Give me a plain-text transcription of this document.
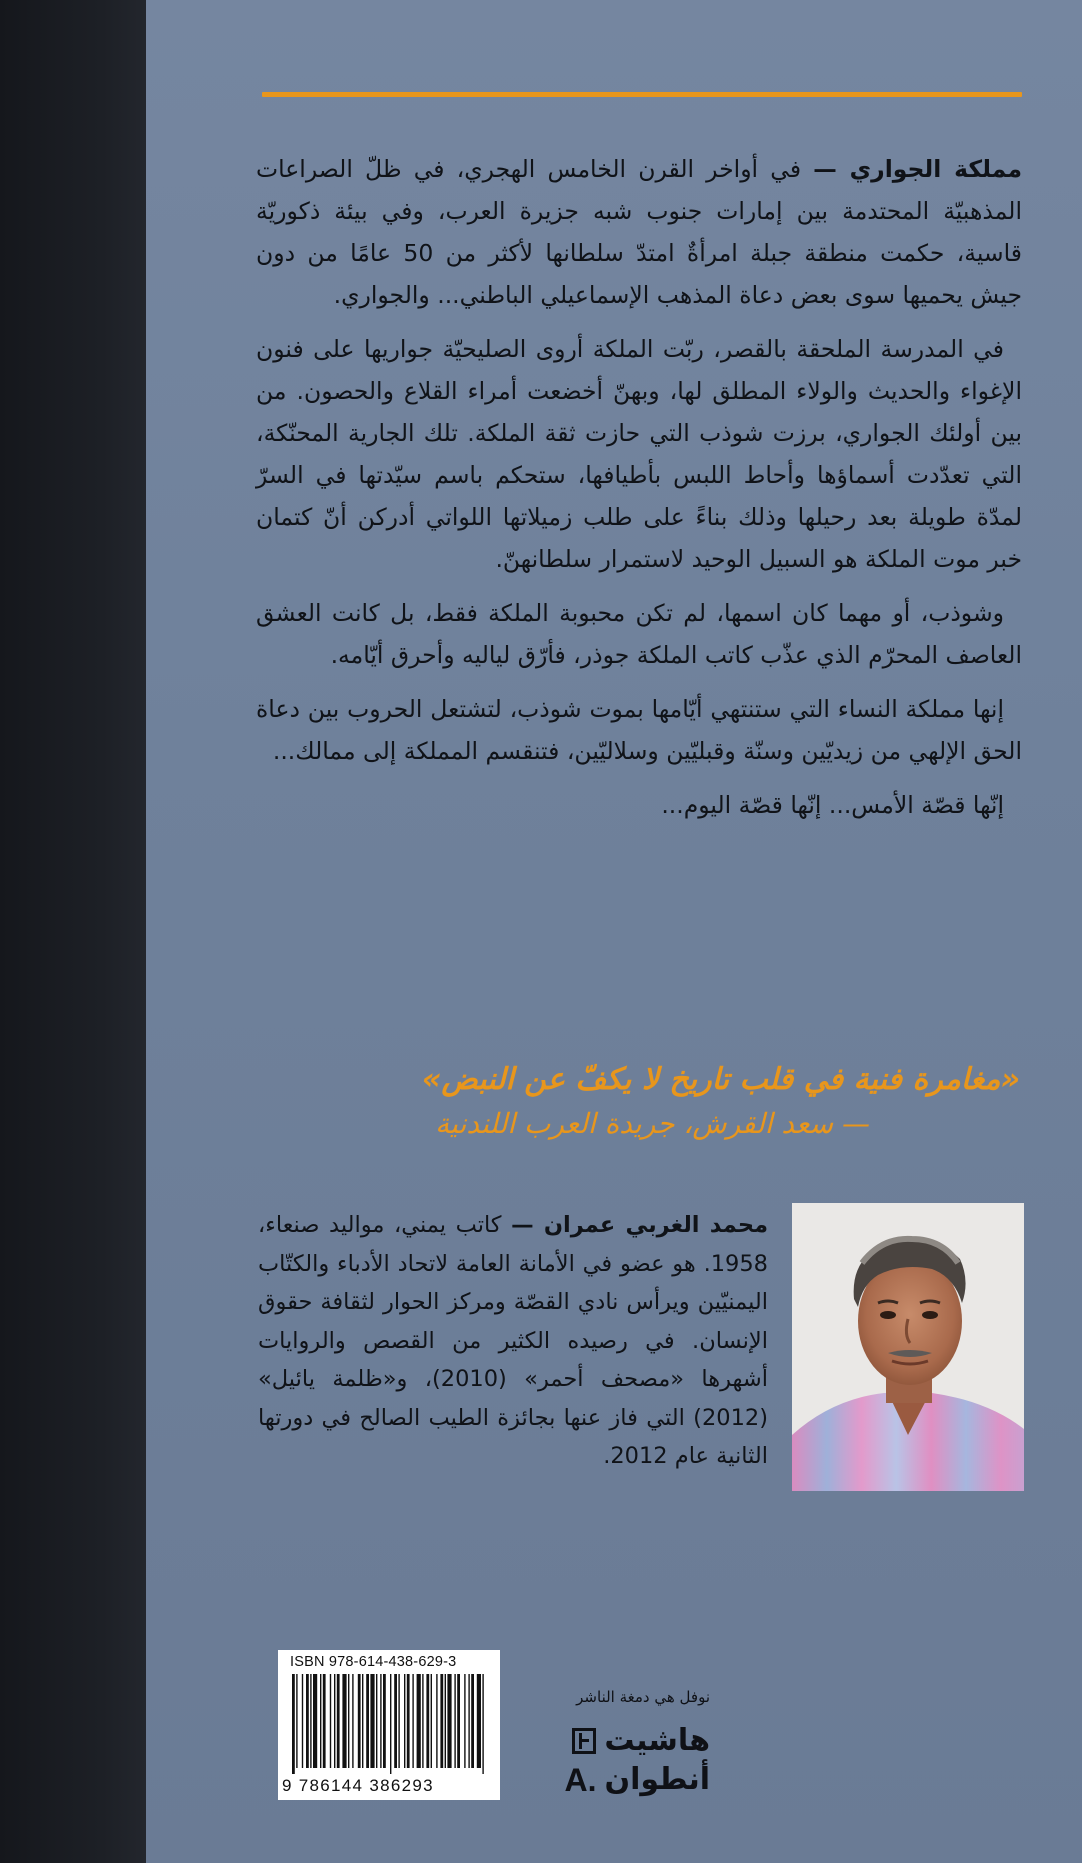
مملكة الجواري — في أواخر القرن الخامس الهجري، في ظلّ الصراعات المذهبيّة المحتدمة بين إمارات جنوب شبه جزيرة العرب، وفي بيئة ذكوريّة قاسية، حكمت منطقة جبلة امرأةٌ امتدّ سلطانها لأكثر من 50 عامًا من دون جيش يحميها سوى بعض دعاة المذهب الإسماعيلي الباطني... والجواري.

في المدرسة الملحقة بالقصر، ربّت الملكة أروى الصليحيّة جواريها على فنون الإغواء والحديث والولاء المطلق لها، وبهنّ أخضعت أمراء القلاع والحصون. من بين أولئك الجواري، برزت شوذب التي حازت ثقة الملكة. تلك الجارية المحنّكة، التي تعدّدت أسماؤها وأحاط اللبس بأطيافها، ستحكم باسم سيّدتها في السرّ لمدّة طويلة بعد رحيلها وذلك بناءً على طلب زميلاتها اللواتي أدركن أنّ كتمان خبر موت الملكة هو السبيل الوحيد لاستمرار سلطانهنّ.

وشوذب، أو مهما كان اسمها، لم تكن محبوبة الملكة فقط، بل كانت العشق العاصف المحرّم الذي عذّب كاتب الملكة جوذر، فأرّق لياليه وأحرق أيّامه.

إنها مملكة النساء التي ستنتهي أيّامها بموت شوذب، لتشتعل الحروب بين دعاة الحق الإلهي من زيديّين وسنّة وقبليّين وسلاليّين، فتنقسم المملكة إلى ممالك...

إنّها قصّة الأمس... إنّها قصّة اليوم...

«مغامرة فنية في قلب تاريخ لا يكفّ عن النبض»
— سعد القرش، جريدة العرب اللندنية
محمد الغربي عمران — كاتب يمني، مواليد صنعاء، 1958. هو عضو في الأمانة العامة لاتحاد الأدباء والكتّاب اليمنيّين ويرأس نادي القصّة ومركز الحوار لثقافة حقوق الإنسان. في رصيده الكثير من القصص والروايات أشهرها «مصحف أحمر» (2010)، و«ظلمة يائيل» (2012) التي فاز عنها بجائزة الطيب الصالح في دورتها الثانية عام 2012.
ISBN 978-614-438-629-3
9 786144 386293
نوفل هي دمغة الناشر
هاشيت
A. أنطوان
